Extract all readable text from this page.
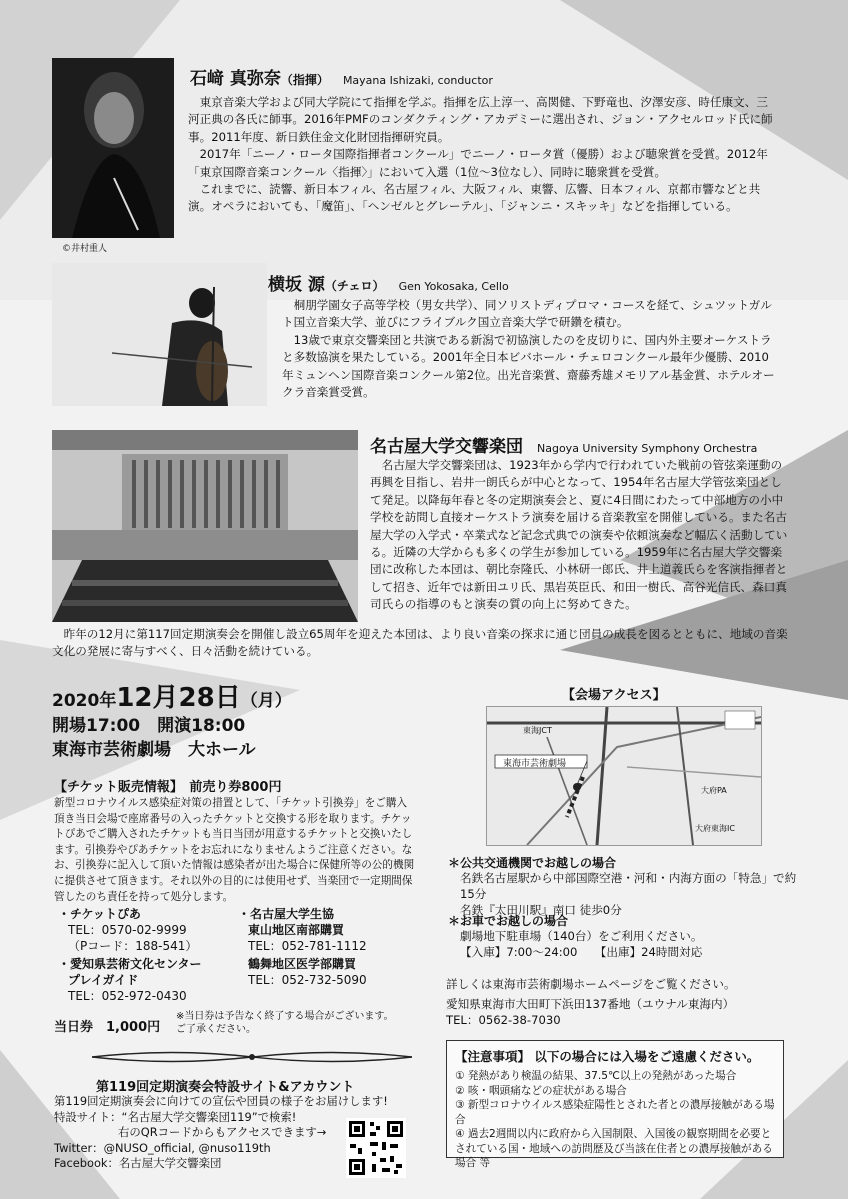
©井村重人
石﨑 真弥奈（指揮） Mayana Ishizaki, conductor

東京音楽大学および同大学院にて指揮を学ぶ。指揮を広上淳一、高関健、下野竜也、汐澤安彦、時任康文、三河正典の各氏に師事。2016年PMFのコンダクティング・アカデミーに選出され、ジョン・アクセルロッド氏に師事。2011年度、新日鉄住金文化財団指揮研究員。

2017年「ニーノ・ロータ国際指揮者コンクール」でニーノ・ロータ賞（優勝）および聴衆賞を受賞。2012年「東京国際音楽コンクール〈指揮〉」において入選（1位～3位なし）、同時に聴衆賞を受賞。

これまでに、読響、新日本フィル、名古屋フィル、大阪フィル、東響、広響、日本フィル、京都市響などと共演。オペラにおいても、「魔笛」、「ヘンゼルとグレーテル」、「ジャンニ・スキッキ」などを指揮している。

横坂 源（チェロ） Gen Yokosaka, Cello

桐朋学園女子高等学校（男女共学）、同ソリストディプロマ・コースを経て、シュツットガルト国立音楽大学、並びにフライブルク国立音楽大学で研鑽を積む。

13歳で東京交響楽団と共演である新潟で初協演したのを皮切りに、国内外主要オーケストラと多数協演を果たしている。2001年全日本ビバホール・チェロコンクール最年少優勝、2010年ミュンヘン国際音楽コンクール第2位。出光音楽賞、齋藤秀雄メモリアル基金賞、ホテルオークラ音楽賞受賞。

名古屋大学交響楽団 Nagoya University Symphony Orchestra

名古屋大学交響楽団は、1923年から学内で行われていた戦前の管弦楽運動の再興を目指し、岩井一朗氏らが中心となって、1954年名古屋大学管弦楽団として発足。以降毎年春と冬の定期演奏会と、夏に4日間にわたって中部地方の小中学校を訪問し直接オーケストラ演奏を届ける音楽教室を開催している。また名古屋大学の入学式・卒業式など記念式典での演奏や依頼演奏など幅広く活動している。近隣の大学からも多くの学生が参加している。1959年に名古屋大学交響楽団に改称した本団は、朝比奈隆氏、小林研一郎氏、井上道義氏らを客演指揮者として招き、近年では新田ユリ氏、黒岩英臣氏、和田一樹氏、高谷光信氏、森口真司氏らの指導のもと演奏の質の向上に努めてきた。

昨年の12月に第117回定期演奏会を開催し設立65周年を迎えた本団は、より良い音楽の探求に通じ団員の成長を図るとともに、地域の音楽文化の発展に寄与すべく、日々活動を続けている。

2020年12月28日（月）
開場17:00　開演18:00
東海市芸術劇場　大ホール
【チケット販売情報】　前売り券800円
新型コロナウイルス感染症対策の措置として、「チケット引換券」をご購入頂き当日会場で座席番号の入ったチケットと交換する形を取ります。チケットぴあでご購入されたチケットも当日当団が用意するチケットと交換いたします。引換券やぴあチケットをお忘れになりませんようご注意ください。なお、引換券に記入して頂いた情報は感染者が出た場合に保健所等の公的機関に提供させて頂きます。それ以外の目的には使用せず、当楽団で一定期間保管したのち責任を持って処分します。
・チケットぴあ
TEL：0570-02-9999
（Pコード：188-541）
・名古屋大学生協
東山地区南部購買
TEL：052-781-1112
・愛知県芸術文化センター
プレイガイド
TEL：052-972-0430
鶴舞地区医学部購買
TEL：052-732-5090
当日券　1,000円
※当日券は予告なく終了する場合がございます。ご了承ください。
第119回定期演奏会特設サイト&アカウント
第119回定期演奏会に向けての宣伝や団員の様子をお届けします!
特設サイト：“名古屋大学交響楽団119”で検索!
右のQRコードからもアクセスできます→
Twitter：@NUSO_official, @nuso119th
Facebook：名古屋大学交響楽団
【会場アクセス】
東海市芸術劇場
東海JCT
大府PA
大府東海IC
＊公共交通機関でお越しの場合
名鉄名古屋駅から中部国際空港・河和・内海方面の「特急」で約15分
名鉄『太田川駅』南口 徒歩0分
＊お車でお越しの場合
劇場地下駐車場（140台）をご利用ください。
【入庫】7:00～24:00　　【出庫】24時間対応
詳しくは東海市芸術劇場ホームページをご覧ください。
愛知県東海市大田町下浜田137番地（ユウナル東海内）
TEL：0562-38-7030
【注意事項】 以下の場合には入場をご遠慮ください。
① 発熱があり検温の結果、37.5℃以上の発熱があった場合
② 咳・咽頭痛などの症状がある場合
③ 新型コロナウイルス感染症陽性とされた者との濃厚接触がある場合
④ 過去2週間以内に政府から入国制限、入国後の観察期間を必要とされている国・地域への訪問歴及び当該在住者との濃厚接触がある場合 等
